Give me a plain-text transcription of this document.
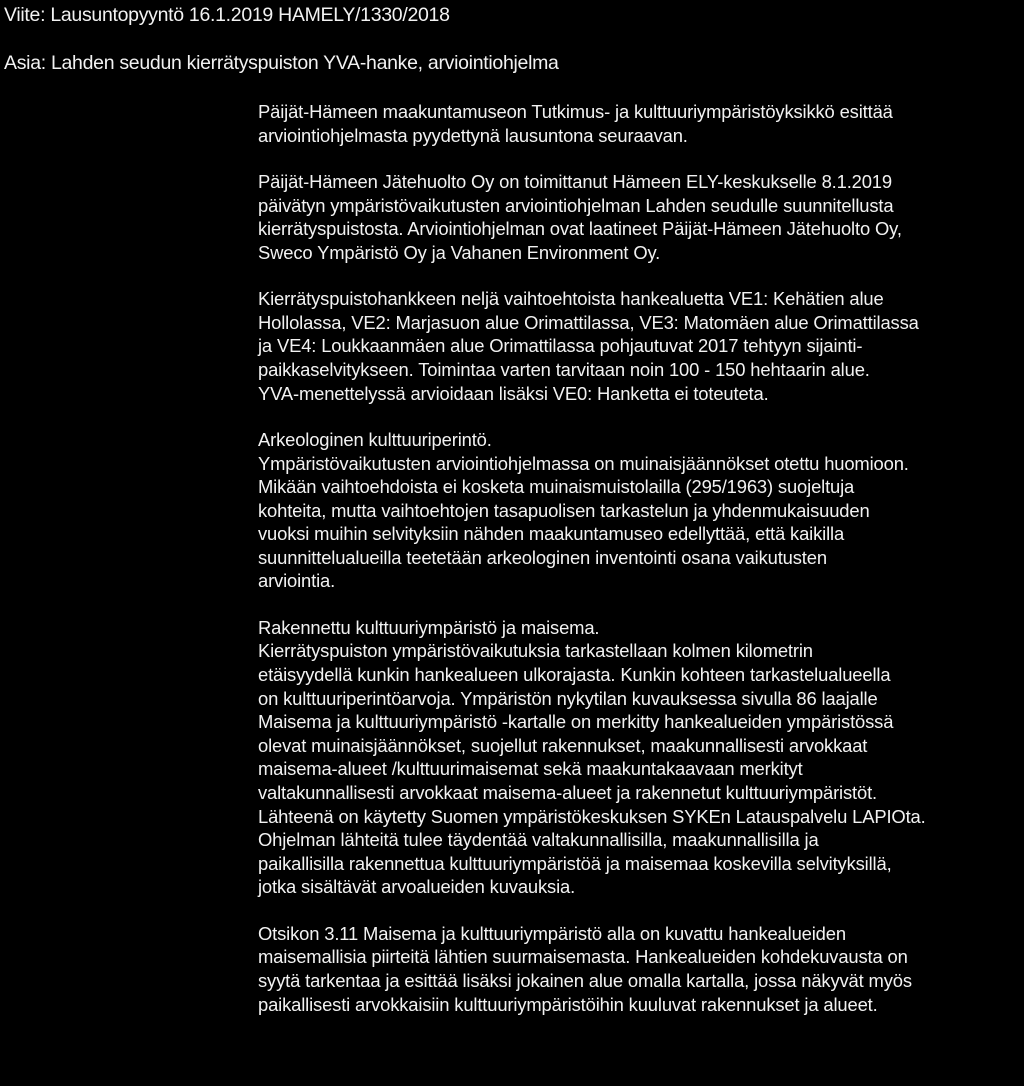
Viite: Lausuntopyyntö 16.1.2019 HAMELY/1330/2018
Asia: Lahden seudun kierrätyspuiston YVA-hanke, arviointiohjelma
Päijät-Hämeen maakuntamuseon Tutkimus- ja kulttuuriympäristöyksikkö esittää
arviointiohjelmasta pyydettynä lausuntona seuraavan.
Päijät-Hämeen Jätehuolto Oy on toimittanut Hämeen ELY-keskukselle 8.1.2019
päivätyn ympäristövaikutusten arviointiohjelman Lahden seudulle suunnitellusta
kierrätyspuistosta. Arviointiohjelman ovat laatineet Päijät-Hämeen Jätehuolto Oy,
Sweco Ympäristö Oy ja Vahanen Environment Oy.
Kierrätyspuistohankkeen neljä vaihtoehtoista hankealuetta VE1: Kehätien alue
Hollolassa, VE2: Marjasuon alue Orimattilassa, VE3: Matomäen alue Orimattilassa
ja VE4: Loukkaanmäen alue Orimattilassa pohjautuvat 2017 tehtyyn sijainti-
paikkaselvitykseen. Toimintaa varten tarvitaan noin 100 - 150 hehtaarin alue.
YVA-menettelyssä arvioidaan lisäksi VE0: Hanketta ei toteuteta.
Arkeologinen kulttuuriperintö.
Ympäristövaikutusten arviointiohjelmassa on muinaisjäännökset otettu huomioon.
Mikään vaihtoehdoista ei kosketa muinaismuistolailla (295/1963) suojeltuja
kohteita, mutta vaihtoehtojen tasapuolisen tarkastelun ja yhdenmukaisuuden
vuoksi muihin selvityksiin nähden maakuntamuseo edellyttää, että kaikilla
suunnittelualueilla teetetään arkeologinen inventointi osana vaikutusten
arviointia.
Rakennettu kulttuuriympäristö ja maisema.
Kierrätyspuiston ympäristövaikutuksia tarkastellaan kolmen kilometrin
etäisyydellä kunkin hankealueen ulkorajasta. Kunkin kohteen tarkastelualueella
on kulttuuriperintöarvoja. Ympäristön nykytilan kuvauksessa sivulla 86 laajalle
Maisema ja kulttuuriympäristö -kartalle on merkitty hankealueiden ympäristössä
olevat muinaisjäännökset, suojellut rakennukset, maakunnallisesti arvokkaat
maisema-alueet /kulttuurimaisemat sekä maakuntakaavaan merkityt
valtakunnallisesti arvokkaat maisema-alueet ja rakennetut kulttuuriympäristöt.
Lähteenä on käytetty Suomen ympäristökeskuksen SYKEn Latauspalvelu LAPIOta.
Ohjelman lähteitä tulee täydentää valtakunnallisilla, maakunnallisilla ja
paikallisilla rakennettua kulttuuriympäristöä ja maisemaa koskevilla selvityksillä,
jotka sisältävät arvoalueiden kuvauksia.
Otsikon 3.11 Maisema ja kulttuuriympäristö alla on kuvattu hankealueiden
maisemallisia piirteitä lähtien suurmaisemasta. Hankealueiden kohdekuvausta on
syytä tarkentaa ja esittää lisäksi jokainen alue omalla kartalla, jossa näkyvät myös
paikallisesti arvokkaisiin kulttuuriympäristöihin kuuluvat rakennukset ja alueet.
